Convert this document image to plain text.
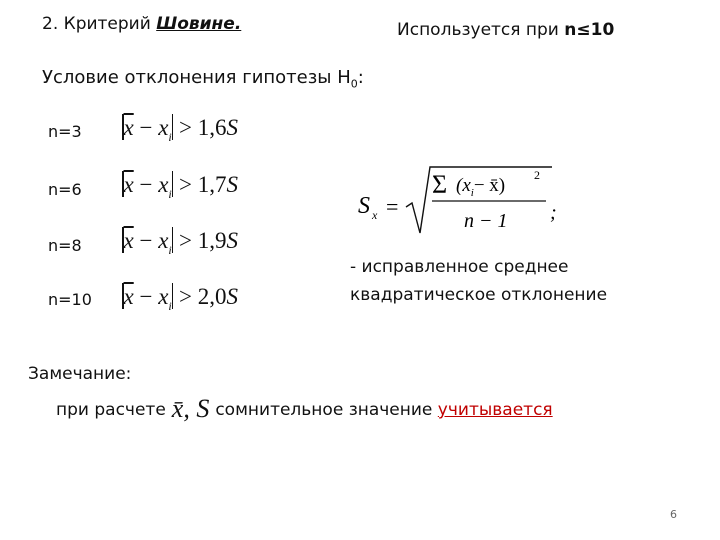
2. Критерий Шовине.	Используется при n≤10
Условие отклонения гипотезы $H_0$:
n=3 $\overline{x} - x_i > 1,6S$
n=6 $\overline{x} - x_i > 1,7S$
n=8 $\overline{x} - x_i > 1,9S$
n=10 $\overline{x} - x_i > 2,0S$
S x =
Σ ($x_i-$ x̄) 2
n − 1 ;
- исправленное среднее
квадратическое отклонение
Замечание:
при расчете x̄, S сомнительное значение учитывается
6
